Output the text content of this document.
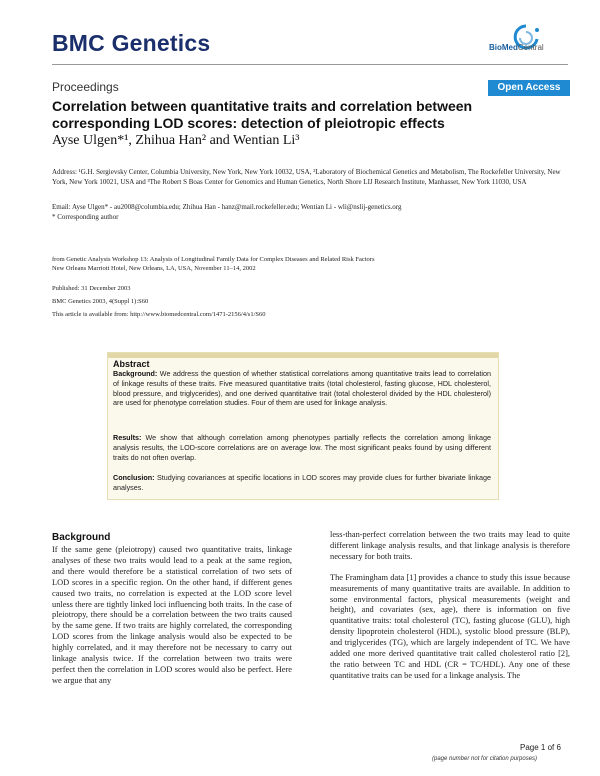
BMC Genetics	BioMedCentral
Proceedings	Open Access
Correlation between quantitative traits and correlation between corresponding LOD scores: detection of pleiotropic effects
Ayse Ulgen*¹, Zhihua Han² and Wentian Li³
Address: ¹G.H. Sergievsky Center, Columbia University, New York, New York 10032, USA, ²Laboratory of Biochemical Genetics and Metabolism, The Rockefeller University, New York, New York 10021, USA and ³The Robert S Boas Center for Genomics and Human Genetics, North Shore LIJ Research Institute, Manhasset, New York 11030, USA
Email: Ayse Ulgen* - au2008@columbia.edu; Zhihua Han - hanz@mail.rockefeller.edu; Wentian Li - wli@nslij-genetics.org
* Corresponding author
from Genetic Analysis Workshop 13: Analysis of Longitudinal Family Data for Complex Diseases and Related Risk Factors
New Orleans Marriott Hotel, New Orleans, LA, USA, November 11–14, 2002
Published: 31 December 2003
BMC Genetics 2003, 4(Suppl 1):S60
This article is available from: http://www.biomedcentral.com/1471-2156/4/s1/S60
Abstract
Background: We address the question of whether statistical correlations among quantitative traits lead to correlation of linkage results of these traits. Five measured quantitative traits (total cholesterol, fasting glucose, HDL cholesterol, blood pressure, and triglycerides), and one derived quantitative trait (total cholesterol divided by the HDL cholesterol) are used for phenotype correlation studies. Four of them are used for linkage analysis.
Results: We show that although correlation among phenotypes partially reflects the correlation among linkage analysis results, the LOD-score correlations are on average low. The most significant peaks found by using different traits do not often overlap.
Conclusion: Studying covariances at specific locations in LOD scores may provide clues for further bivariate linkage analyses.
Background

If the same gene (pleiotropy) caused two quantitative traits, linkage analyses of these two traits would lead to a peak at the same region, and there would therefore be a statistical correlation of two sets of LOD scores in a specific region. On the other hand, if different genes caused two traits, no correlation is expected at the LOD score level unless there are tightly linked loci influencing both traits. In the case of pleiotropy, there should be a correlation between the two traits caused by the same gene. If two traits are highly correlated, the corresponding LOD scores from the linkage analysis would also be expected to be highly correlated, and it may therefore not be necessary to carry out linkage analysis twice. If the correlation between two traits were perfect then the correlation in LOD scores would also be perfect. Here we argue that any

less-than-perfect correlation between the two traits may lead to quite different linkage analysis results, and that linkage analysis is therefore necessary for both traits.

The Framingham data [1] provides a chance to study this issue because measurements of many quantitative traits are available. In addition to some environmental factors, physical measurements (weight and height), and covariates (sex, age), there is information on five quantitative traits: total cholesterol (TC), fasting glucose (GLU), high density lipoprotein cholesterol (HDL), systolic blood pressure (BLP), and triglycerides (TG), which are largely independent of TC. We have added one more derived quantitative trait called cholesterol ratio [2], the ratio between TC and HDL (CR = TC/HDL). Any one of these quantitative traits can be used for a linkage analysis. The

Page 1 of 6
(page number not for citation purposes)
